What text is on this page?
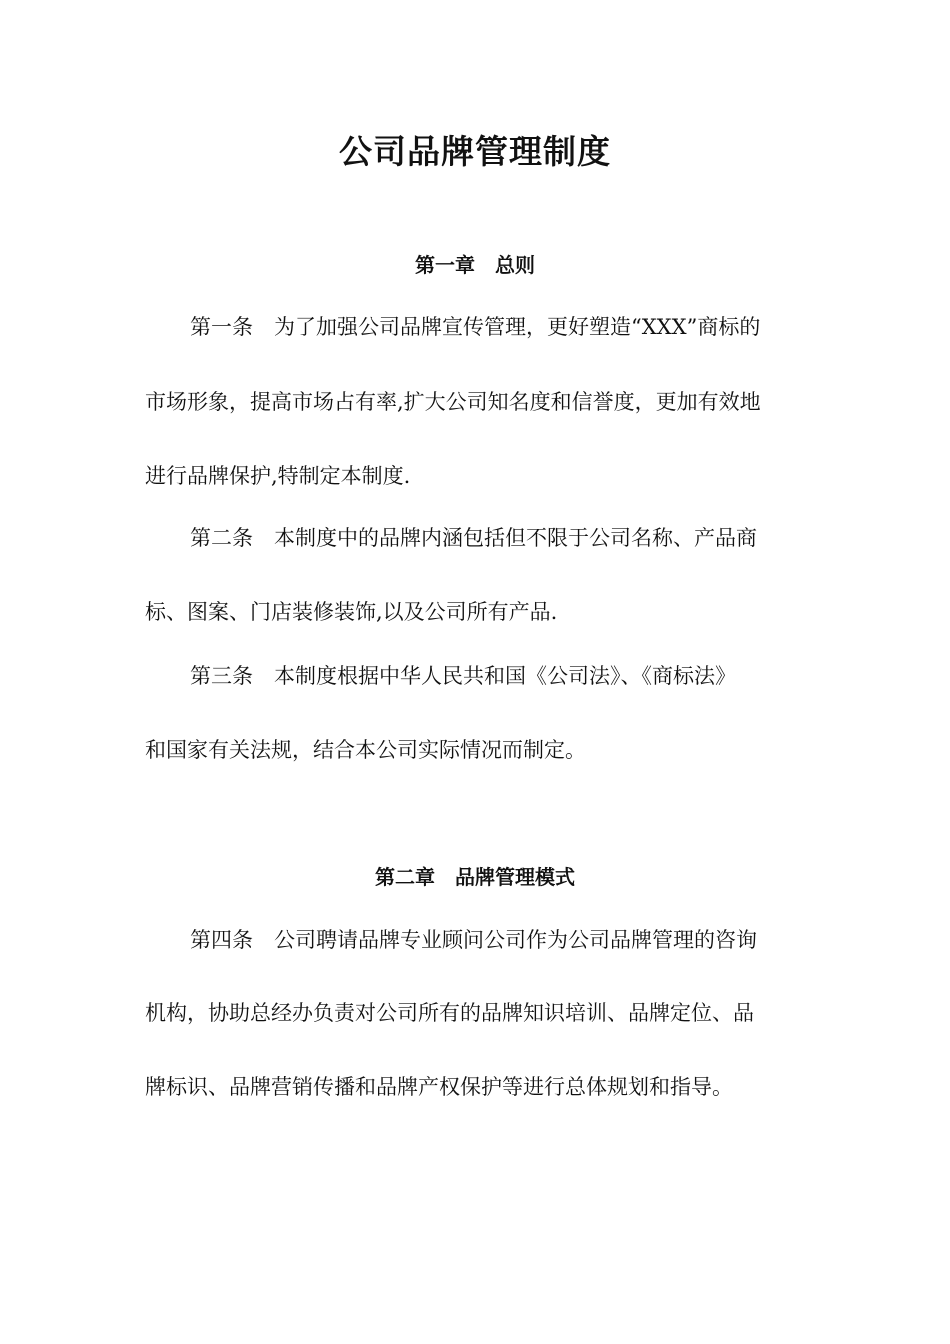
公司品牌管理制度
第一章　总则
第一条　为了加强公司品牌宣传管理，更好塑造“XXX”商标的
市场形象，提高市场占有率,扩大公司知名度和信誉度，更加有效地
进行品牌保护,特制定本制度.
第二条　本制度中的品牌内涵包括但不限于公司名称、产品商
标、图案、门店装修装饰,以及公司所有产品.
第三条　本制度根据中华人民共和国《公司法》、《商标法》
和国家有关法规，结合本公司实际情况而制定。
第二章　品牌管理模式
第四条　公司聘请品牌专业顾问公司作为公司品牌管理的咨询
机构，协助总经办负责对公司所有的品牌知识培训、品牌定位、品
牌标识、品牌营销传播和品牌产权保护等进行总体规划和指导。
